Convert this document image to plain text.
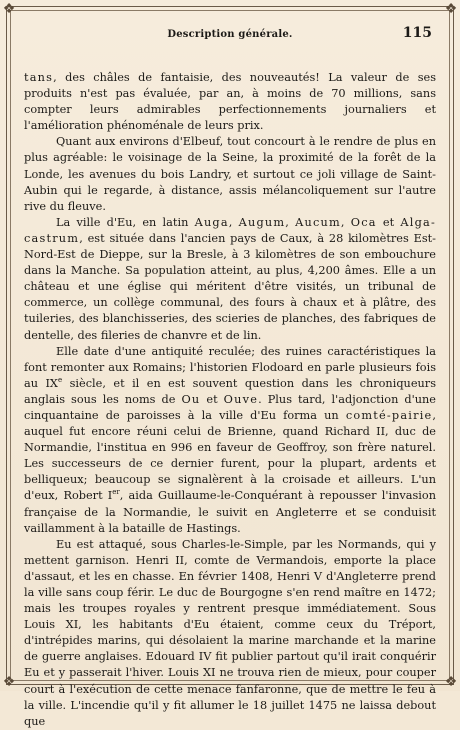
❖	❖
❖	❖
Description générale.	115

tans, des châles de fantaisie, des nouveautés! La valeur de ses produits n'est pas évaluée, par an, à moins de 70 millions, sans compter leurs admirables perfectionnements journaliers et l'amélioration phénoménale de leurs prix.

Quant aux environs d'Elbeuf, tout concourt à le rendre de plus en plus agréable: le voisinage de la Seine, la proximité de la forêt de la Londe, les avenues du bois Landry, et surtout ce joli village de Saint-Aubin qui le regarde, à distance, assis mélancoliquement sur l'autre rive du fleuve.

La ville d'Eu, en latin Auga, Augum, Aucum, Oca et Alga-castrum, est située dans l'ancien pays de Caux, à 28 kilomètres Est-Nord-Est de Dieppe, sur la Bresle, à 3 kilomètres de son embouchure dans la Manche. Sa population atteint, au plus, 4,200 âmes. Elle a un château et une église qui méritent d'être visités, un tribunal de commerce, un collège communal, des fours à chaux et à plâtre, des tuileries, des blanchisseries, des scieries de planches, des fabriques de dentelle, des fileries de chanvre et de lin.

Elle date d'une antiquité reculée; des ruines caractéristiques la font remonter aux Romains; l'historien Flodoard en parle plusieurs fois au IXe siècle, et il en est souvent question dans les chroniqueurs anglais sous les noms de Ou et Ouve. Plus tard, l'adjonction d'une cinquantaine de paroisses à la ville d'Eu forma un comté-pairie, auquel fut encore réuni celui de Brienne, quand Richard II, duc de Normandie, l'institua en 996 en faveur de Geoffroy, son frère naturel. Les successeurs de ce dernier furent, pour la plupart, ardents et belliqueux; beaucoup se signalèrent à la croisade et ailleurs. L'un d'eux, Robert Ier, aida Guillaume-le-Conquérant à repousser l'invasion française de la Normandie, le suivit en Angleterre et se conduisit vaillamment à la bataille de Hastings.

Eu est attaqué, sous Charles-le-Simple, par les Normands, qui y mettent garnison. Henri II, comte de Vermandois, emporte la place d'assaut, et les en chasse. En février 1408, Henri V d'Angleterre prend la ville sans coup férir. Le duc de Bourgogne s'en rend maître en 1472; mais les troupes royales y rentrent presque immédiatement. Sous Louis XI, les habitants d'Eu étaient, comme ceux du Tréport, d'intrépides marins, qui désolaient la marine marchande et la marine de guerre anglaises. Edouard IV fit publier partout qu'il irait conquérir Eu et y passerait l'hiver. Louis XI ne trouva rien de mieux, pour couper court à l'exécution de cette menace fanfaronne, que de mettre le feu à la ville. L'incendie qu'il y fit allumer le 18 juillet 1475 ne laissa debout que
